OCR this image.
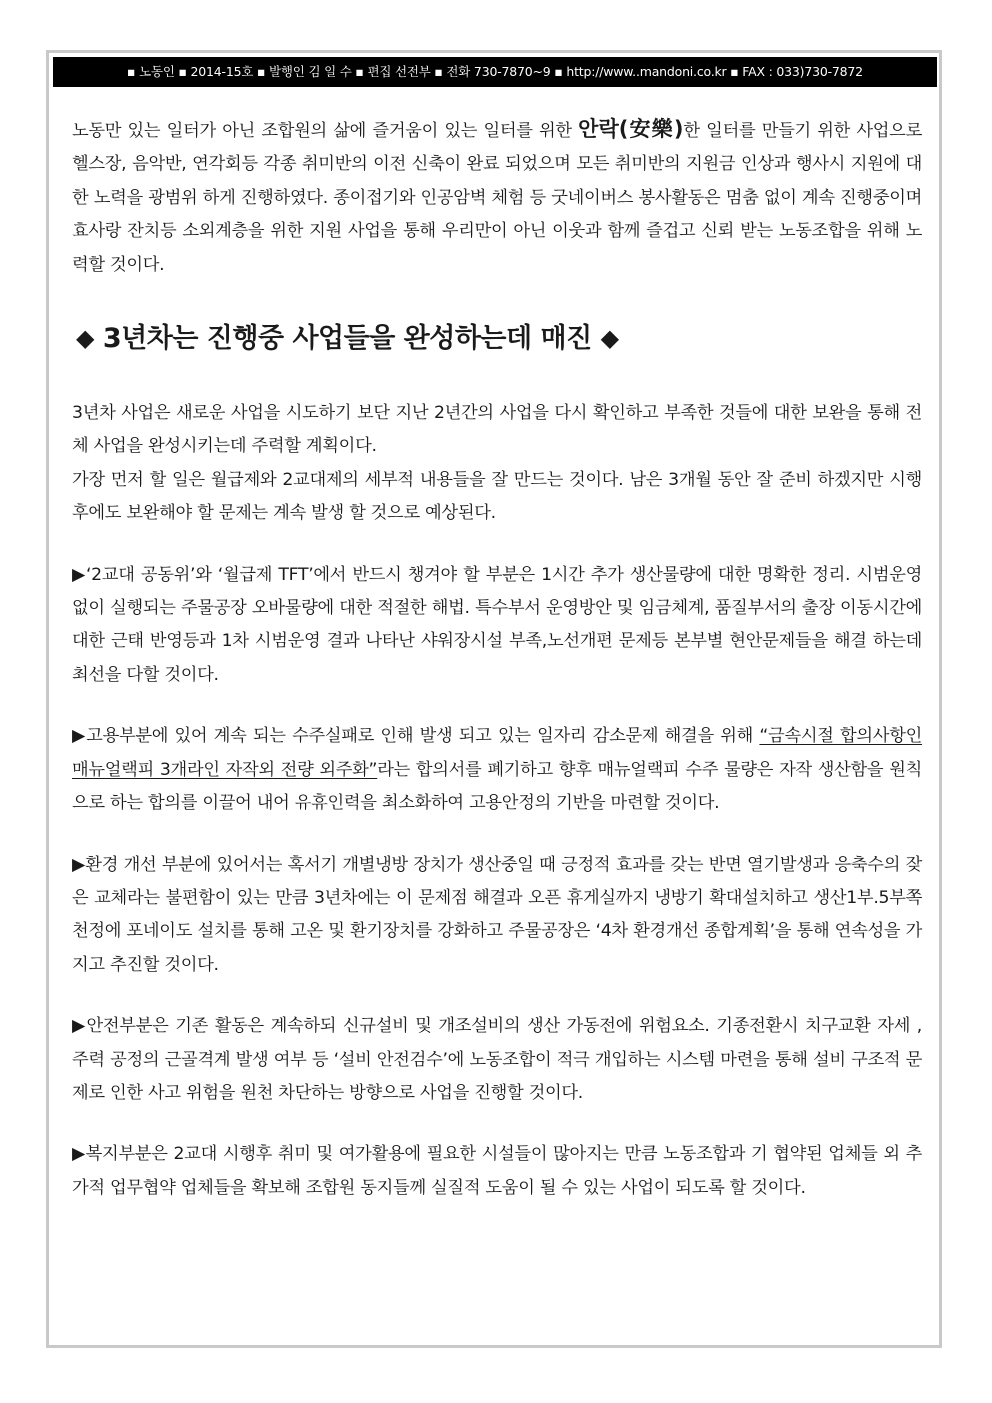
▪ 노동인 ▪ 2014-15호 ▪ 발행인 김 일 수 ▪ 편집 선전부 ▪ 전화 730-7870~9 ▪ http://www..mandoni.co.kr ▪ FAX : 033)730-7872

노동만 있는 일터가 아닌 조합원의 삶에 즐거움이 있는 일터를 위한 안락(安樂)한 일터를 만들기 위한 사업으로 헬스장, 음악반, 연각회등 각종 취미반의 이전 신축이 완료 되었으며 모든 취미반의 지원금 인상과 행사시 지원에 대한 노력을 광범위 하게 진행하였다. 종이접기와 인공암벽 체험 등 굿네이버스 봉사활동은 멈춤 없이 계속 진행중이며 효사랑 잔치등 소외계층을 위한 지원 사업을 통해 우리만이 아닌 이웃과 함께 즐겁고 신뢰 받는 노동조합을 위해 노력할 것이다.

◆ 3년차는 진행중 사업들을 완성하는데 매진 ◆

3년차 사업은 새로운 사업을 시도하기 보단 지난 2년간의 사업을 다시 확인하고 부족한 것들에 대한 보완을 통해 전체 사업을 완성시키는데 주력할 계획이다.

가장 먼저 할 일은 월급제와 2교대제의 세부적 내용들을 잘 만드는 것이다. 남은 3개월 동안 잘 준비 하겠지만 시행 후에도 보완해야 할 문제는 계속 발생 할 것으로 예상된다.

▶‘2교대 공동위’와 ‘월급제 TFT’에서 반드시 챙겨야 할 부분은 1시간 추가 생산물량에 대한 명확한 정리. 시범운영 없이 실행되는 주물공장 오바물량에 대한 적절한 해법. 특수부서 운영방안 및 임금체계, 품질부서의 출장 이동시간에 대한 근태 반영등과 1차 시범운영 결과 나타난 샤워장시설 부족,노선개편 문제등 본부별 현안문제들을 해결 하는데 최선을 다할 것이다.

▶고용부분에 있어 계속 되는 수주실패로 인해 발생 되고 있는 일자리 감소문제 해결을 위해 “금속시절 합의사항인 매뉴얼랙피 3개라인 자작외 전량 외주화”라는 합의서를 폐기하고 향후 매뉴얼랙피 수주 물량은 자작 생산함을 원칙으로 하는 합의를 이끌어 내어 유휴인력을 최소화하여 고용안정의 기반을 마련할 것이다.

▶환경 개선 부분에 있어서는 혹서기 개별냉방 장치가 생산중일 때 긍정적 효과를 갖는 반면 열기발생과 응축수의 잦은 교체라는 불편함이 있는 만큼 3년차에는 이 문제점 해결과 오픈 휴게실까지 냉방기 확대설치하고 생산1부.5부쪽 천정에 포네이도 설치를 통해 고온 및 환기장치를 강화하고 주물공장은 ‘4차 환경개선 종합계획’을 통해 연속성을 가지고 추진할 것이다.

▶안전부분은 기존 활동은 계속하되 신규설비 및 개조설비의 생산 가동전에 위험요소. 기종전환시 치구교환 자세 , 주력 공정의 근골격계 발생 여부 등 ‘설비 안전검수’에 노동조합이 적극 개입하는 시스템 마련을 통해 설비 구조적 문제로 인한 사고 위험을 원천 차단하는 방향으로 사업을 진행할 것이다.

▶복지부분은 2교대 시행후 취미 및 여가활용에 필요한 시설들이 많아지는 만큼 노동조합과 기 협약된 업체들 외 추가적 업무협약 업체들을 확보해 조합원 동지들께 실질적 도움이 될 수 있는 사업이 되도록 할 것이다.
